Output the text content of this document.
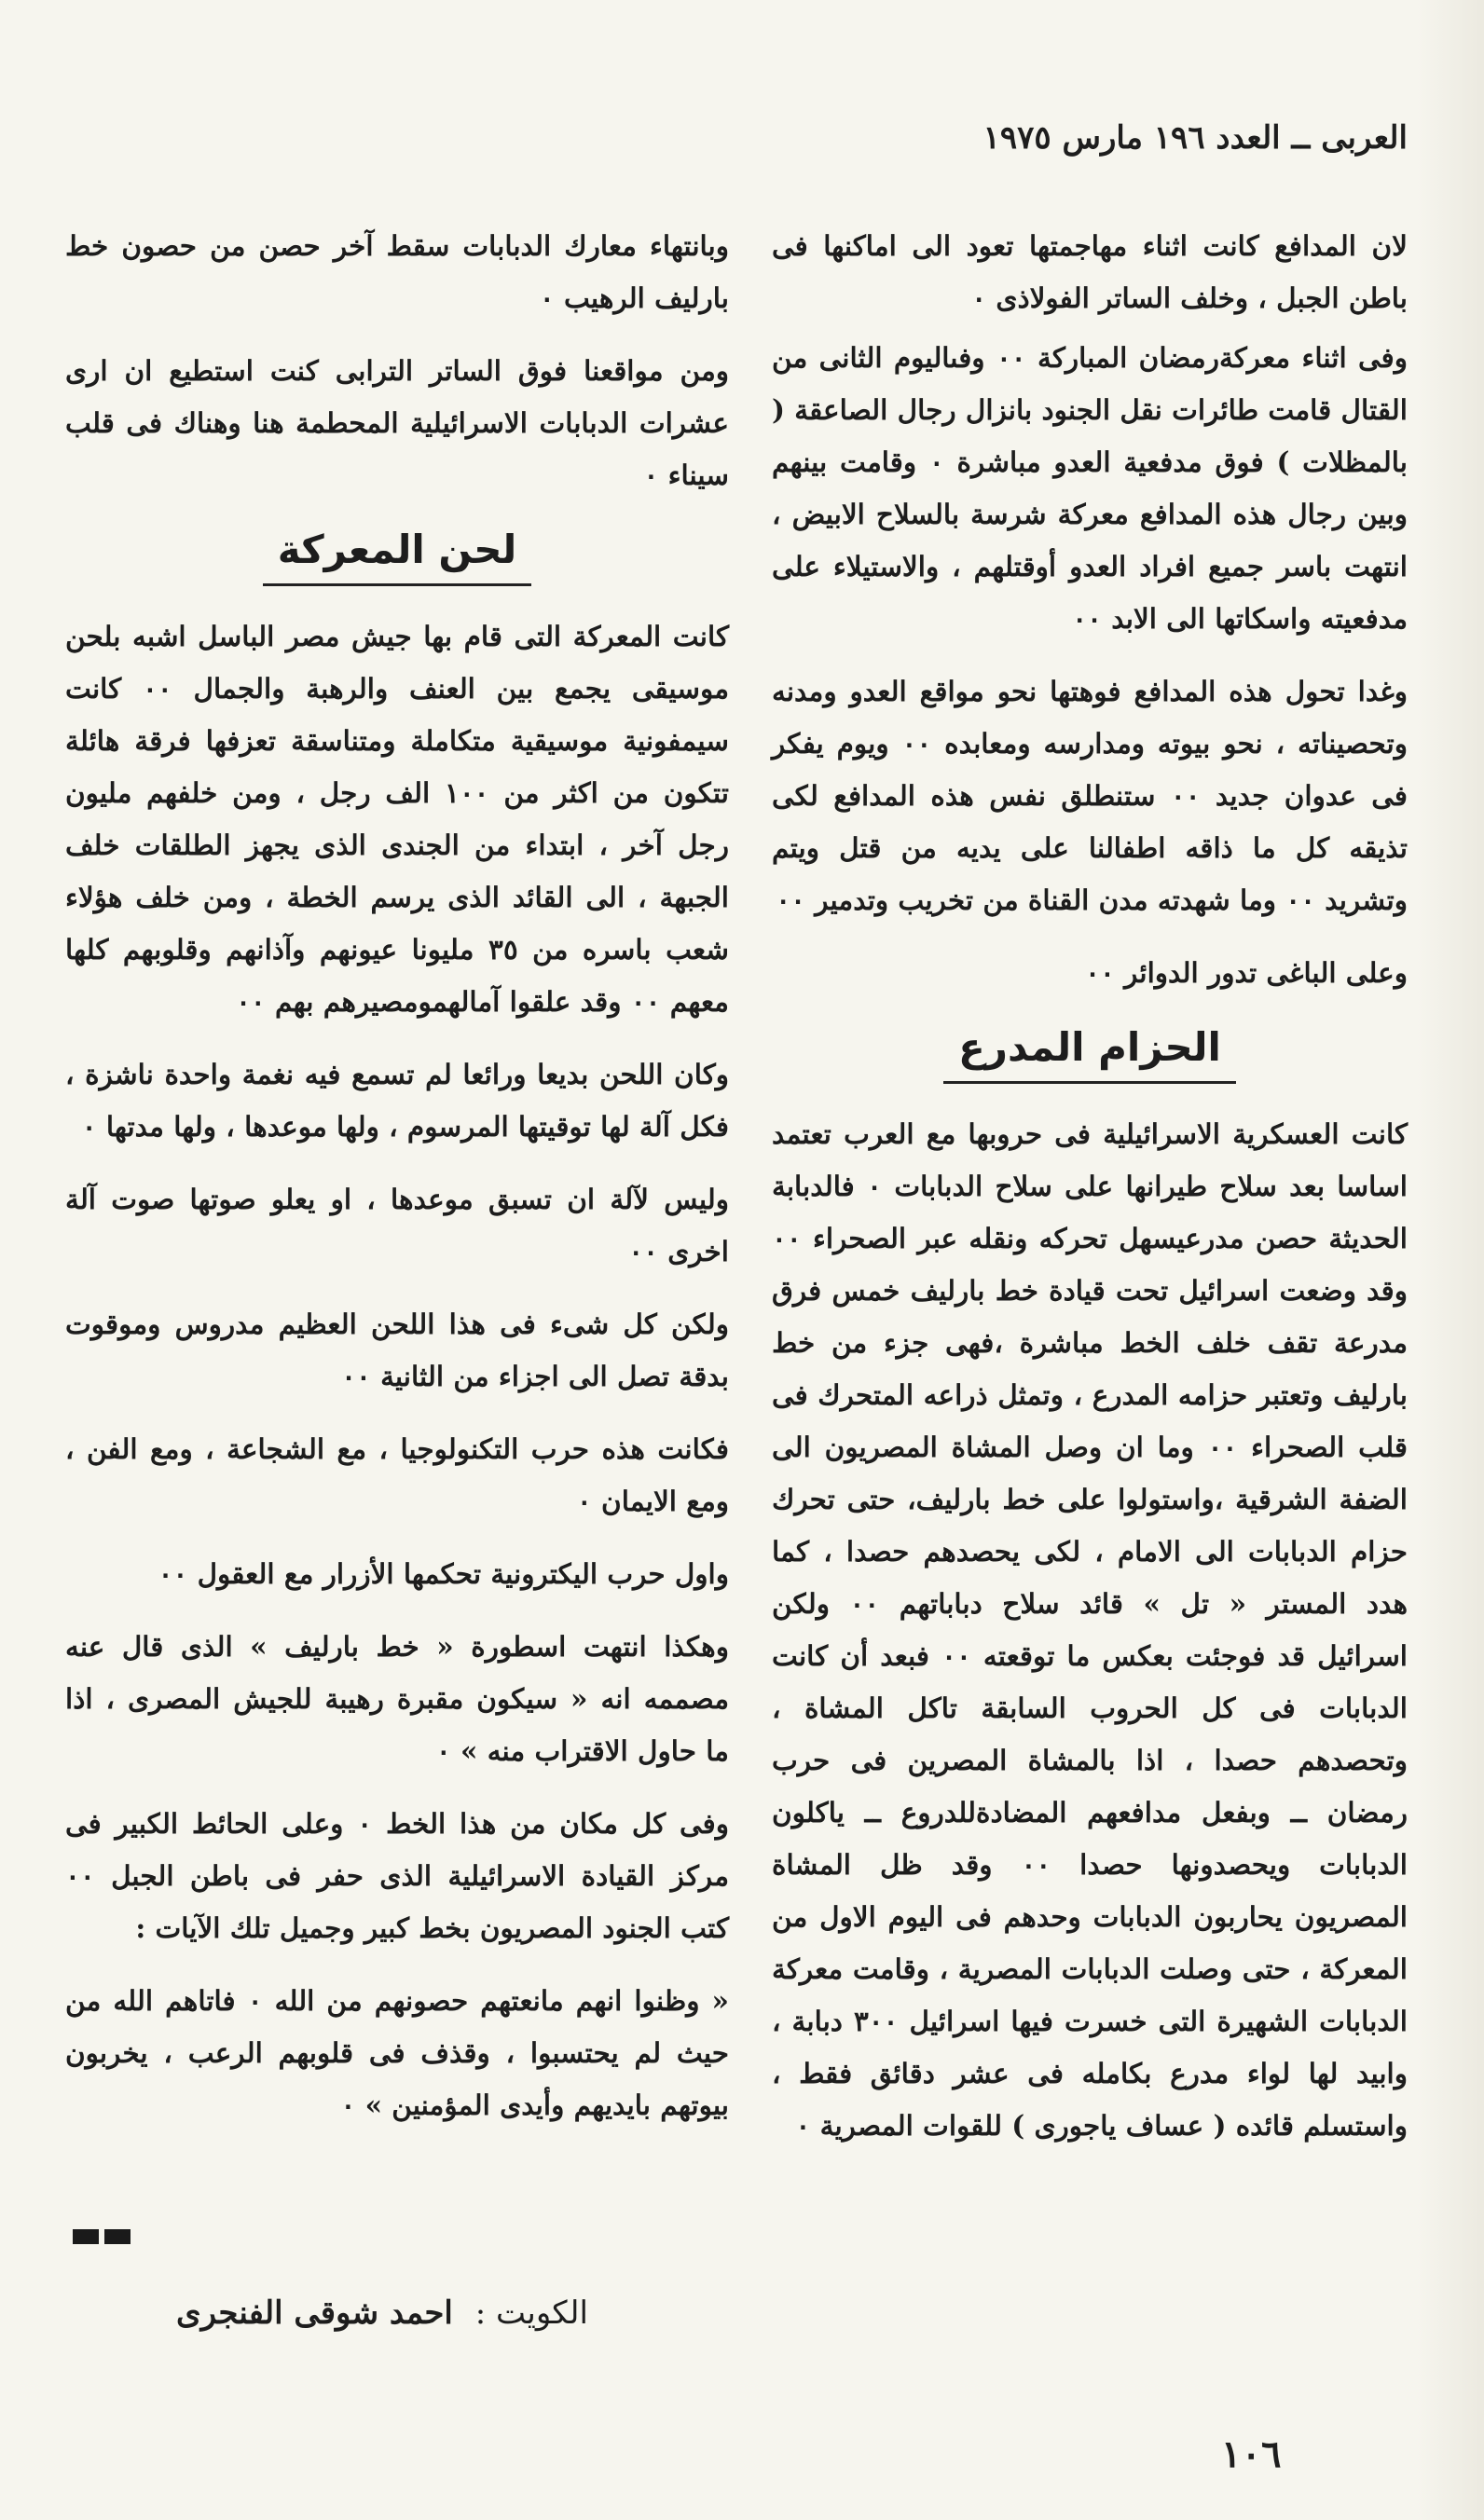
العربى ــ العدد ١٩٦ مارس ١٩٧٥

لان المدافع كانت اثناء مهاجمتها تعود الى اماكنها فى باطن الجبل ، وخلف الساتر الفولاذى ٠

وفى اثناء معركةرمضان المباركة ٠٠ وفىاليوم الثانى من القتال قامت طائرات نقل الجنود بانزال رجال الصاعقة ( بالمظلات ) فوق مدفعية العدو مباشرة ٠ وقامت بينهم وبين رجال هذه المدافع معركة شرسة بالسلاح الابيض ، انتهت باسر جميع افراد العدو أوقتلهم ، والاستيلاء على مدفعيته واسكاتها الى الابد ٠٠

وغدا تحول هذه المدافع فوهتها نحو مواقع العدو ومدنه وتحصيناته ، نحو بيوته ومدارسه ومعابده ٠٠ ويوم يفكر فى عدوان جديد ٠٠ ستنطلق نفس هذه المدافع لكى تذيقه كل ما ذاقه اطفالنا على يديه من قتل ويتم وتشريد ٠٠ وما شهدته مدن القناة من تخريب وتدمير ٠٠

وعلى الباغى تدور الدوائر ٠٠

الحزام المدرع

كانت العسكرية الاسرائيلية فى حروبها مع العرب تعتمد اساسا بعد سلاح طيرانها على سلاح الدبابات ٠ فالدبابة الحديثة حصن مدرعيسهل تحركه ونقله عبر الصحراء ٠٠ وقد وضعت اسرائيل تحت قيادة خط بارليف خمس فرق مدرعة تقف خلف الخط مباشرة ،فهى جزء من خط بارليف وتعتبر حزامه المدرع ، وتمثل ذراعه المتحرك فى قلب الصحراء ٠٠ وما ان وصل المشاة المصريون الى الضفة الشرقية ،واستولوا على خط بارليف، حتى تحرك حزام الدبابات الى الامام ، لكى يحصدهم حصدا ، كما هدد المستر « تل » قائد سلاح دباباتهم ٠٠ ولكن اسرائيل قد فوجئت بعكس ما توقعته ٠٠ فبعد أن كانت الدبابات فى كل الحروب السابقة تاكل المشاة ، وتحصدهم حصدا ، اذا بالمشاة المصرين فى حرب رمضان ــ وبفعل مدافعهم المضادةللدروع ــ ياكلون الدبابات ويحصدونها حصدا ٠٠ وقد ظل المشاة المصريون يحاربون الدبابات وحدهم فى اليوم الاول من المعركة ، حتى وصلت الدبابات المصرية ، وقامت معركة الدبابات الشهيرة التى خسرت فيها اسرائيل ٣٠٠ دبابة ، وابيد لها لواء مدرع بكامله فى عشر دقائق فقط ، واستسلم قائده ( عساف ياجورى ) للقوات المصرية ٠

وبانتهاء معارك الدبابات سقط آخر حصن من حصون خط بارليف الرهيب ٠

ومن مواقعنا فوق الساتر الترابى كنت استطيع ان ارى عشرات الدبابات الاسرائيلية المحطمة هنا وهناك فى قلب سيناء ٠

لحن المعركة

كانت المعركة التى قام بها جيش مصر الباسل اشبه بلحن موسيقى يجمع بين العنف والرهبة والجمال ٠٠ كانت سيمفونية موسيقية متكاملة ومتناسقة تعزفها فرقة هائلة تتكون من اكثر من ١٠٠ الف رجل ، ومن خلفهم مليون رجل آخر ، ابتداء من الجندى الذى يجهز الطلقات خلف الجبهة ، الى القائد الذى يرسم الخطة ، ومن خلف هؤلاء شعب باسره من ٣٥ مليونا عيونهم وآذانهم وقلوبهم كلها معهم ٠٠ وقد علقوا آمالهمومصيرهم بهم ٠٠

وكان اللحن بديعا ورائعا لم تسمع فيه نغمة واحدة ناشزة ، فكل آلة لها توقيتها المرسوم ، ولها موعدها ، ولها مدتها ٠

وليس لآلة ان تسبق موعدها ، او يعلو صوتها صوت آلة اخرى ٠٠

ولكن كل شىء فى هذا اللحن العظيم مدروس وموقوت بدقة تصل الى اجزاء من الثانية ٠٠

فكانت هذه حرب التكنولوجيا ، مع الشجاعة ، ومع الفن ، ومع الايمان ٠

واول حرب اليكترونية تحكمها الأزرار مع العقول ٠٠

وهكذا انتهت اسطورة « خط بارليف » الذى قال عنه مصممه انه « سيكون مقبرة رهيبة للجيش المصرى ، اذا ما حاول الاقتراب منه » ٠

وفى كل مكان من هذا الخط ٠ وعلى الحائط الكبير فى مركز القيادة الاسرائيلية الذى حفر فى باطن الجبل ٠٠ كتب الجنود المصريون بخط كبير وجميل تلك الآيات :

« وظنوا انهم مانعتهم حصونهم من الله ٠ فاتاهم الله من حيث لم يحتسبوا ، وقذف فى قلوبهم الرعب ، يخربون بيوتهم بايديهم وأيدى المؤمنين » ٠

الكويت : احمد شوقى الفنجرى
١٠٦
